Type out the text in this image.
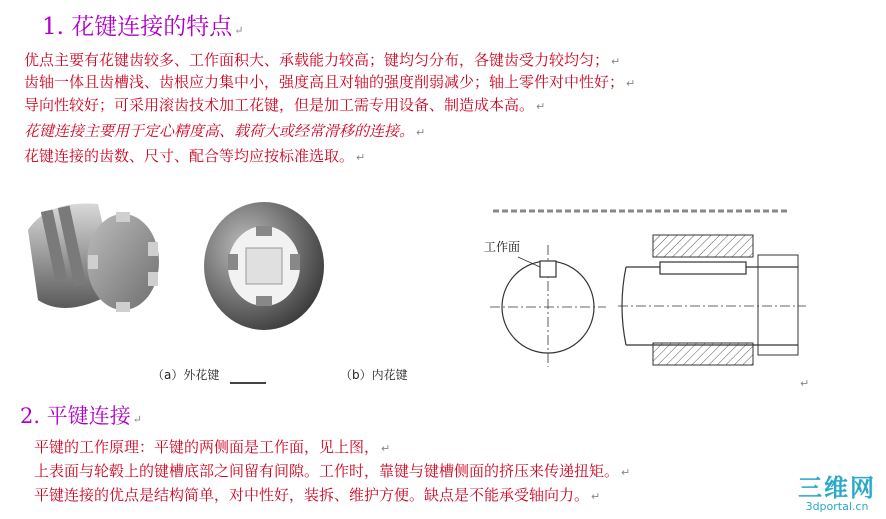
1. 花键连接的特点 ↵
优点主要有花键齿较多、工作面积大、承载能力较高；键均匀分布，各键齿受力较均匀； ↵
齿轴一体且齿槽浅、齿根应力集中小，强度高且对轴的强度削弱减少；轴上零件对中性好； ↵
导向性较好；可采用滚齿技术加工花键，但是加工需专用设备、制造成本高。 ↵
花键连接主要用于定心精度高、载荷大或经常滑移的连接。 ↵
花键连接的齿数、尺寸、配合等均应按标准选取。 ↵
（a）外花键	（b）内花键
工作面
↵
2. 平键连接 ↵
平键的工作原理：平键的两侧面是工作面，见上图， ↵
上表面与轮毂上的键槽底部之间留有间隙。工作时，靠键与键槽侧面的挤压来传递扭矩。 ↵
平键连接的优点是结构简单，对中性好，装拆、维护方便。缺点是不能承受轴向力。 ↵	三维网
3dportal.cn
